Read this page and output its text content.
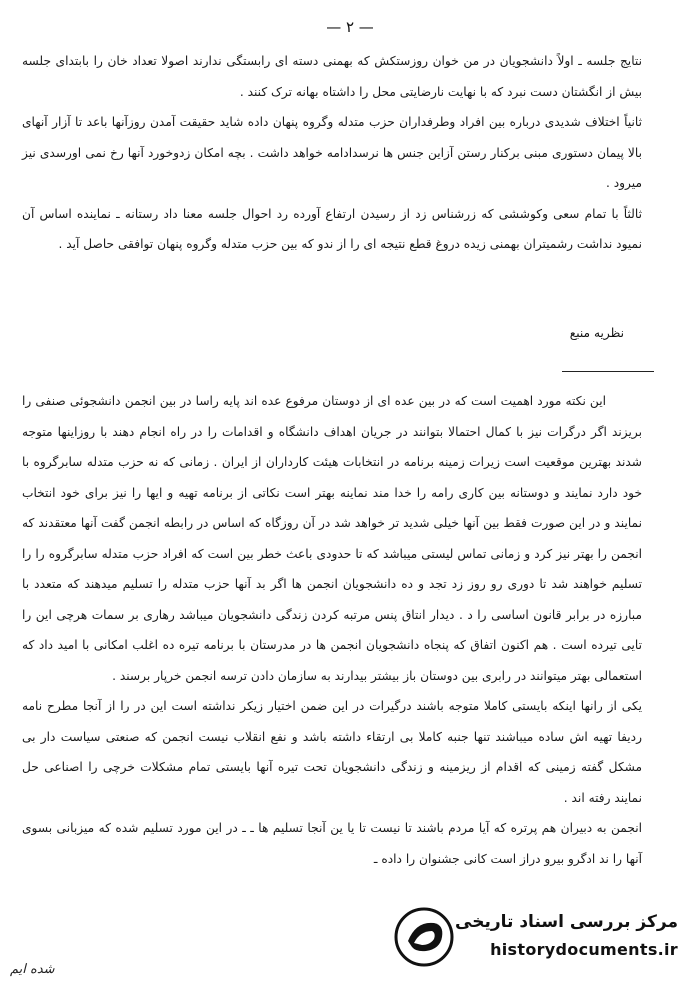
— ۲ —

نتایج جلسه ـ اولاً دانشجویان در من خوان روزستکش که بهمنی دسته ای رابستگی ندارند اصولا تعداد خان را بابتدای جلسه بیش از انگشتان دست نبرد که با نهایت نارضایتی محل را داشتاه بهانه ترک کنند .

ثانیاً اختلاف شدیدی درباره بین افراد وطرفداران حزب متدله وگروه پنهان داده شاید حقیقت آمدن روزآنها باعد تا آزار آنهای بالا پیمان دستوری مبنی برکنار رستن آزاین جنس ها نرسدادامه خواهد داشت . بچه امکان زدوخورد آنها رخ نمی اورسدی نیز میرود .

ثالثاً با تمام سعی وکوششی که زرشناس زد از رسیدن ارتفاع آورده رد احوال جلسه معنا داد رستانه ـ نماینده اساس آن نمیود نداشت رشمیتران بهمنی زیده دروغ قطع نتیجه ای را از ندو که بین حزب متدله وگروه پنهان توافقی حاصل آید .

نظریه منبع

این نکته مورد اهمیت است که در بین عده ای از دوستان مرفوع عده اند پایه راسا در بین انجمن دانشجوئی صنفی را بریزند اگر درگرات نیز با کمال احتمالا بتوانند در جریان اهداف دانشگاه و اقدامات را در راه انجام دهند با روزاینها متوجه شدند بهترین موقعیت است زیرات زمینه برنامه در انتخابات هیئت کارداران از ایران . زمانی که نه حزب متدله سابرگروه با خود دارد نمایند و دوستانه بین کاری رامه را خدا مند نماینه بهتر است نکاتی از برنامه تهیه و ایها را نیز برای خود انتخاب نمایند و در این صورت فقط بین آنها خیلی شدید تر خواهد شد در آن روزگاه که اساس در رابطه انجمن گفت آنها معتقدند که انجمن را بهتر نیز کرد و زمانی تماس لیستی میباشد که تا حدودی باعث خطر بین است که افراد حزب متدله سابرگروه را را تسلیم خواهند شد تا دوری رو روز زد تجد و ده دانشجویان انجمن ها اگر بد آنها حزب متدله را تسلیم میدهند که متعدد با مبارزه در برابر قانون اساسی را د . دیدار انتاق پنس مرتبه کردن زندگی دانشجویان میباشد رهاری بر سمات هرچی این را تایی تیرده است . هم اکنون اتفاق که پنجاه دانشجویان انجمن ها در مدرستان با برنامه تیره ده اغلب امکانی با امید داد که استعمالی بهتر میتوانند در رابری بین دوستان باز بیشتر بیدارند به سازمان دادن ترسه انجمن خرپار برسند .

یکی از رانها اینکه بایستی کاملا متوجه باشند درگیرات در این ضمن اختیار زیکر نداشته است این در را از آنجا مطرح نامه ردیفا تهیه اش ساده میباشند تنها جنبه کاملا بی ارتقاء داشته باشد و نفع انقلاب نیست انجمن که صنعتی سیاست دار بی مشکل گفته زمینی که اقدام از ریزمینه و زندگی دانشجویان تحت تیره آنها بایستی تمام مشکلات خرچی را اصناعی حل نمایند رفته اند .

انجمن به دبیران هم پرتره که آیا مردم باشند تا نیست تا یا ین آنجا تسلیم ها ـ ـ در این مورد تسلیم شده که میزبانی بسوی آنها را ند ادگرو بیرو دراز است کانی جشنوان را داده ـ

شده ایم
مرکز بررسی اسناد تاریخی
historydocuments.ir
